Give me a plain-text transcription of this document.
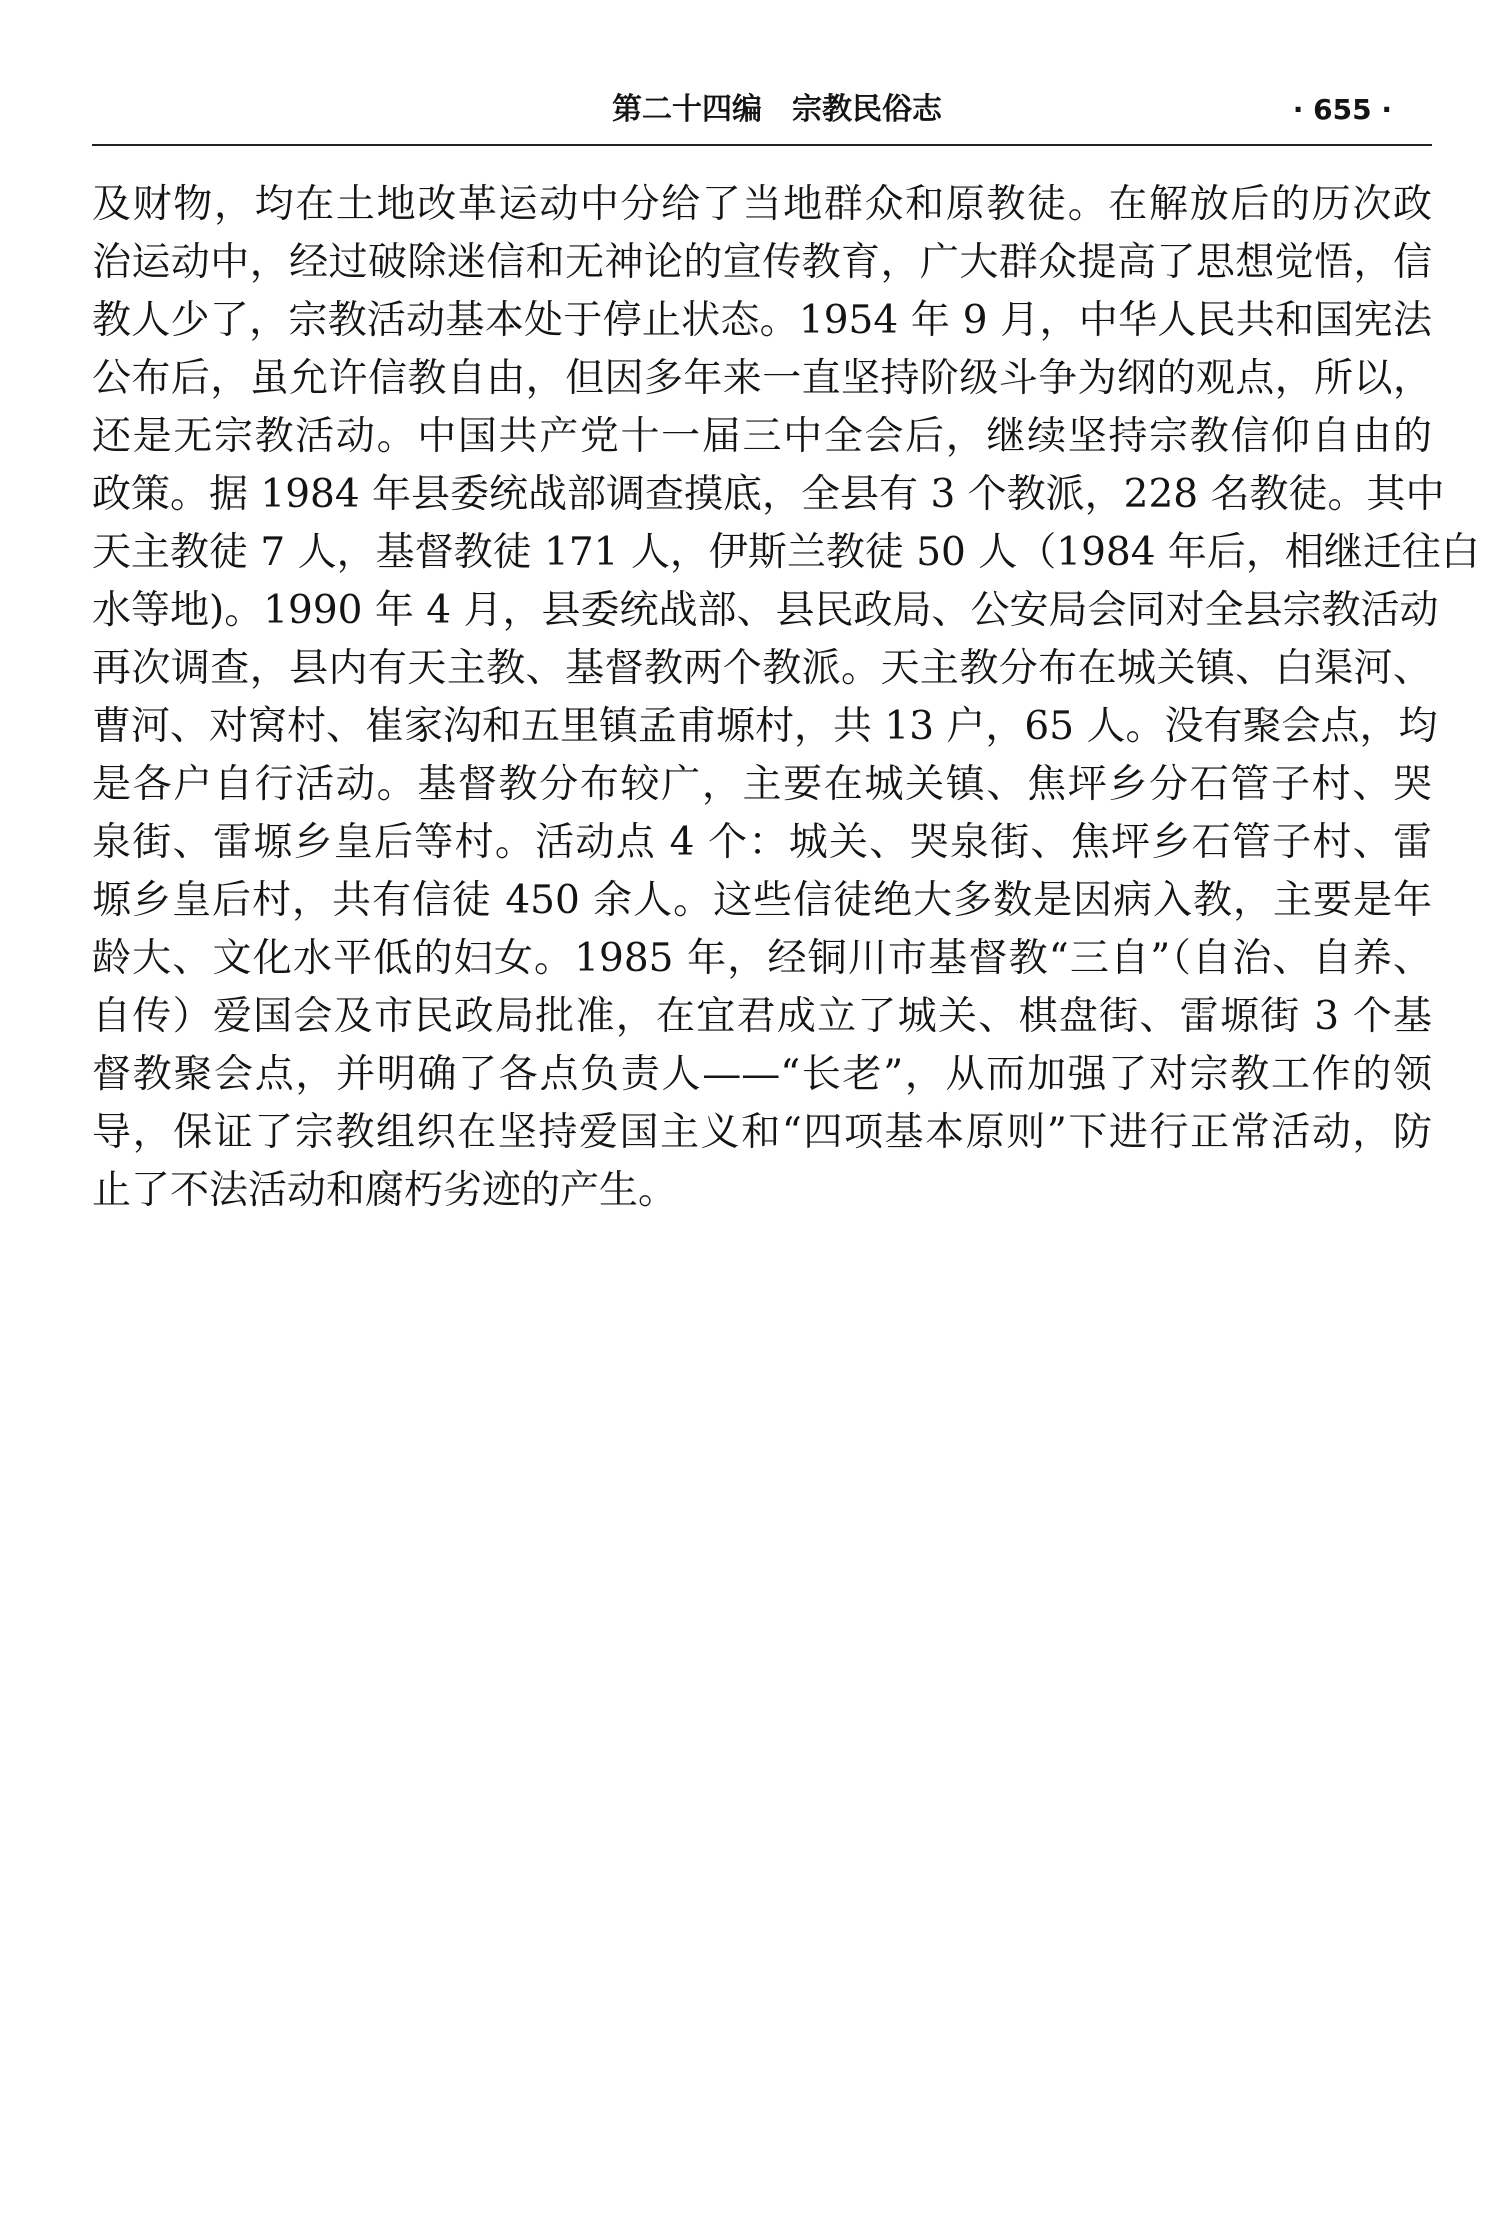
第二十四编　宗教民俗志	· 655 ·
及财物，均在土地改革运动中分给了当地群众和原教徒。在解放后的历次政
治运动中，经过破除迷信和无神论的宣传教育，广大群众提高了思想觉悟，信
教人少了，宗教活动基本处于停止状态。1954 年 9 月，中华人民共和国宪法
公布后，虽允许信教自由，但因多年来一直坚持阶级斗争为纲的观点，所以，
还是无宗教活动。中国共产党十一届三中全会后，继续坚持宗教信仰自由的
政策。据 1984 年县委统战部调查摸底，全县有 3 个教派，228 名教徒。其中
天主教徒 7 人，基督教徒 171 人，伊斯兰教徒 50 人（1984 年后，相继迁往白
水等地)。1990 年 4 月，县委统战部、县民政局、公安局会同对全县宗教活动
再次调查，县内有天主教、基督教两个教派。天主教分布在城关镇、白渠河、
曹河、对窝村、崔家沟和五里镇孟甫塬村，共 13 户，65 人。没有聚会点，均
是各户自行活动。基督教分布较广，主要在城关镇、焦坪乡分石管子村、哭
泉街、雷塬乡皇后等村。活动点 4 个：城关、哭泉街、焦坪乡石管子村、雷
塬乡皇后村，共有信徒 450 余人。这些信徒绝大多数是因病入教，主要是年
龄大、文化水平低的妇女。1985 年，经铜川市基督教“三自”（自治、自养、
自传）爱国会及市民政局批准，在宜君成立了城关、棋盘街、雷塬街 3 个基
督教聚会点，并明确了各点负责人——“长老”，从而加强了对宗教工作的领
导，保证了宗教组织在坚持爱国主义和“四项基本原则”下进行正常活动，防
止了不法活动和腐朽劣迹的产生。
